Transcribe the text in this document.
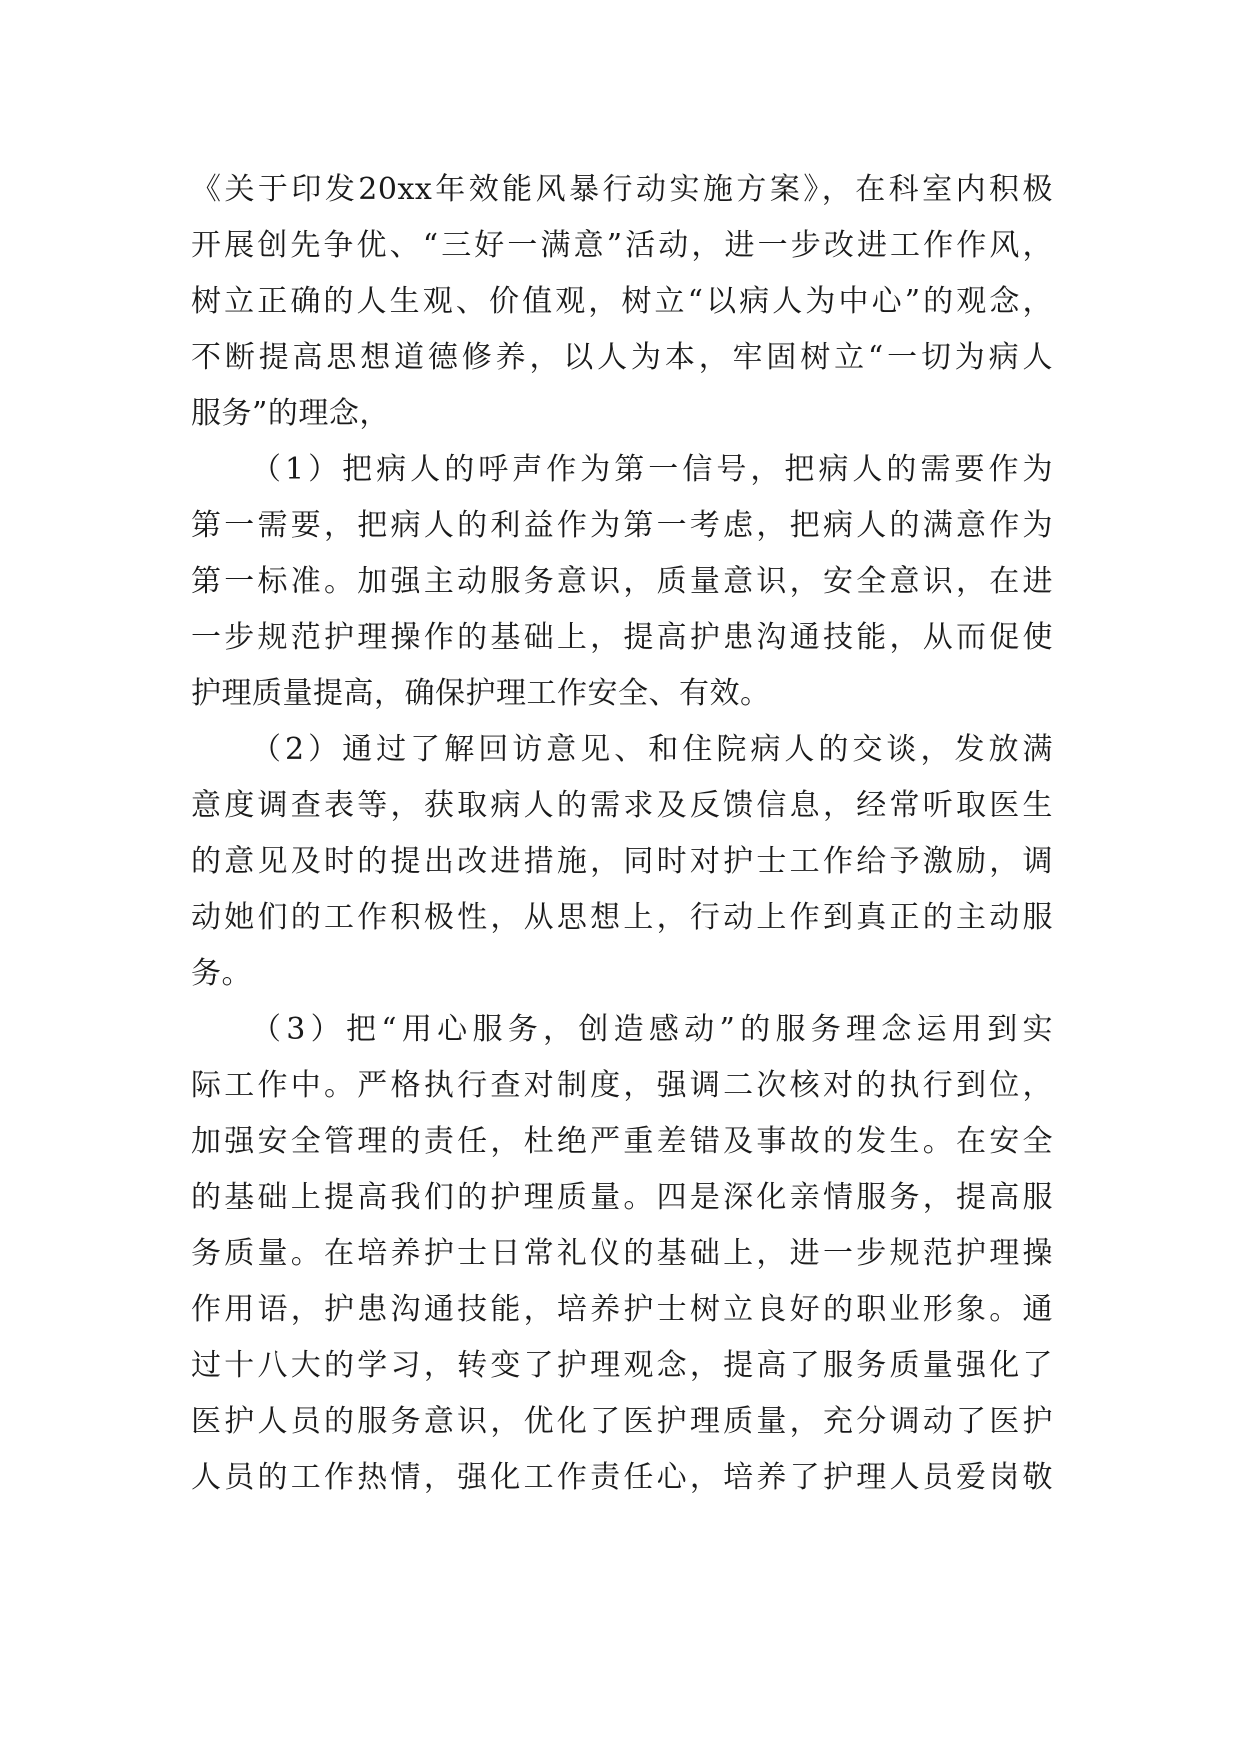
《关于印发20xx年效能风暴行动实施方案》，在科室内积极
开展创先争优、“三好一满意”活动，进一步改进工作作风，
树立正确的人生观、价值观，树立“以病人为中心”的观念，
不断提高思想道德修养，以人为本，牢固树立“一切为病人
服务”的理念，
（1）把病人的呼声作为第一信号，把病人的需要作为
第一需要，把病人的利益作为第一考虑，把病人的满意作为
第一标准。加强主动服务意识，质量意识，安全意识，在进
一步规范护理操作的基础上，提高护患沟通技能，从而促使
护理质量提高，确保护理工作安全、有效。
（2）通过了解回访意见、和住院病人的交谈，发放满
意度调查表等，获取病人的需求及反馈信息，经常听取医生
的意见及时的提出改进措施，同时对护士工作给予激励，调
动她们的工作积极性，从思想上，行动上作到真正的主动服
务。
（3）把“用心服务，创造感动”的服务理念运用到实
际工作中。严格执行查对制度，强调二次核对的执行到位，
加强安全管理的责任，杜绝严重差错及事故的发生。在安全
的基础上提高我们的护理质量。四是深化亲情服务，提高服
务质量。在培养护士日常礼仪的基础上，进一步规范护理操
作用语，护患沟通技能，培养护士树立良好的职业形象。通
过十八大的学习，转变了护理观念，提高了服务质量强化了
医护人员的服务意识，优化了医护理质量，充分调动了医护
人员的工作热情，强化工作责任心，培养了护理人员爱岗敬
